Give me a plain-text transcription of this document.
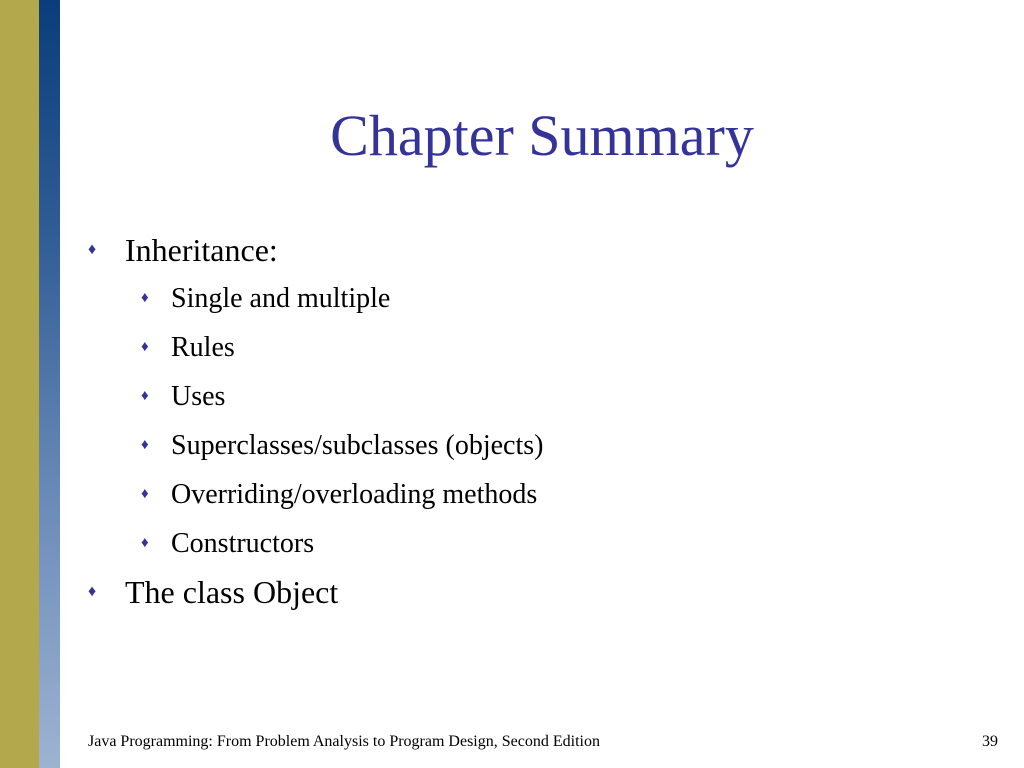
Chapter Summary
♦ Inheritance:
♦ Single and multiple
♦ Rules
♦ Uses
♦ Superclasses/subclasses (objects)
♦ Overriding/overloading methods
♦ Constructors
♦ The class Object
Java Programming: From Problem Analysis to Program Design, Second Edition	39
